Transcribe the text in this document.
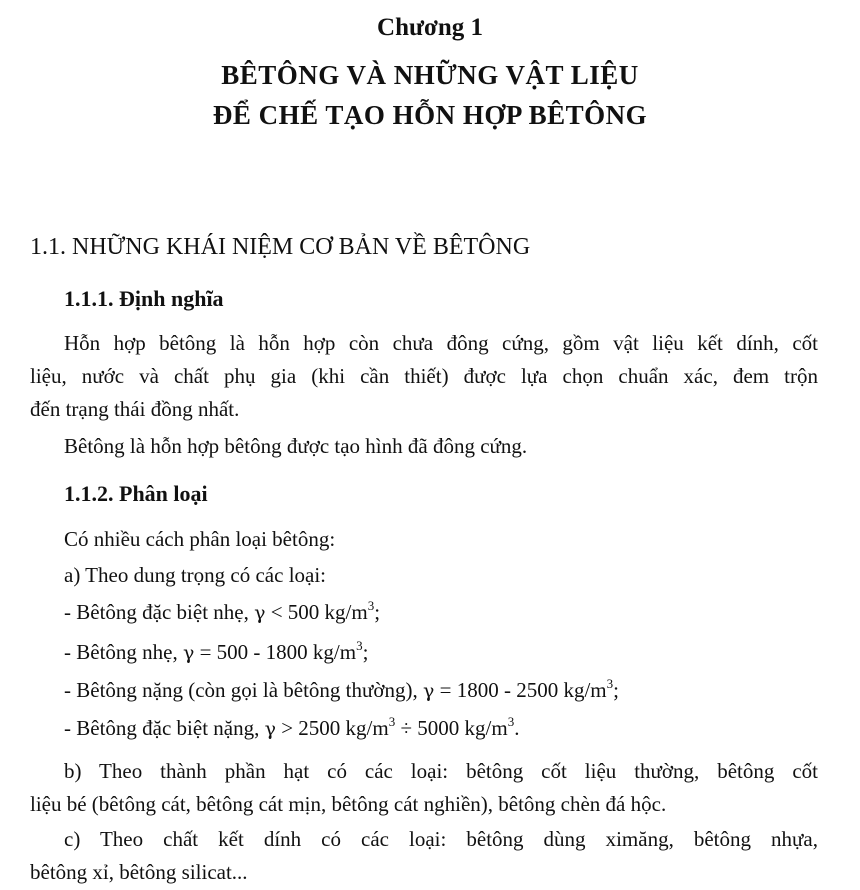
Chương 1
BÊTÔNG VÀ NHỮNG VẬT LIỆU
ĐỂ CHẾ TẠO HỖN HỢP BÊTÔNG
1.1. NHỮNG KHÁI NIỆM CƠ BẢN VỀ BÊTÔNG
1.1.1. Định nghĩa
Hỗn hợp bêtông là hỗn hợp còn chưa đông cứng, gồm vật liệu kết dính, cốt
liệu, nước và chất phụ gia (khi cần thiết) được lựa chọn chuẩn xác, đem trộn
đến trạng thái đồng nhất.
Bêtông là hỗn hợp bêtông được tạo hình đã đông cứng.
1.1.2. Phân loại
Có nhiều cách phân loại bêtông:
a) Theo dung trọng có các loại:
- Bêtông đặc biệt nhẹ, γ < 500 $kg/m^3$;
- Bêtông nhẹ, γ = 500 - 1800 $kg/m^3$;
- Bêtông nặng (còn gọi là bêtông thường), γ = 1800 - 2500 $kg/m^3$;
- Bêtông đặc biệt nặng, γ > 2500 $kg/m^3 \div 5000$ $kg/m^3$.
b) Theo thành phần hạt có các loại: bêtông cốt liệu thường, bêtông cốt
liệu bé (bêtông cát, bêtông cát mịn, bêtông cát nghiền), bêtông chèn đá hộc.
c) Theo chất kết dính có các loại: bêtông dùng ximăng, bêtông nhựa,
bêtông xỉ, bêtông silicat...
